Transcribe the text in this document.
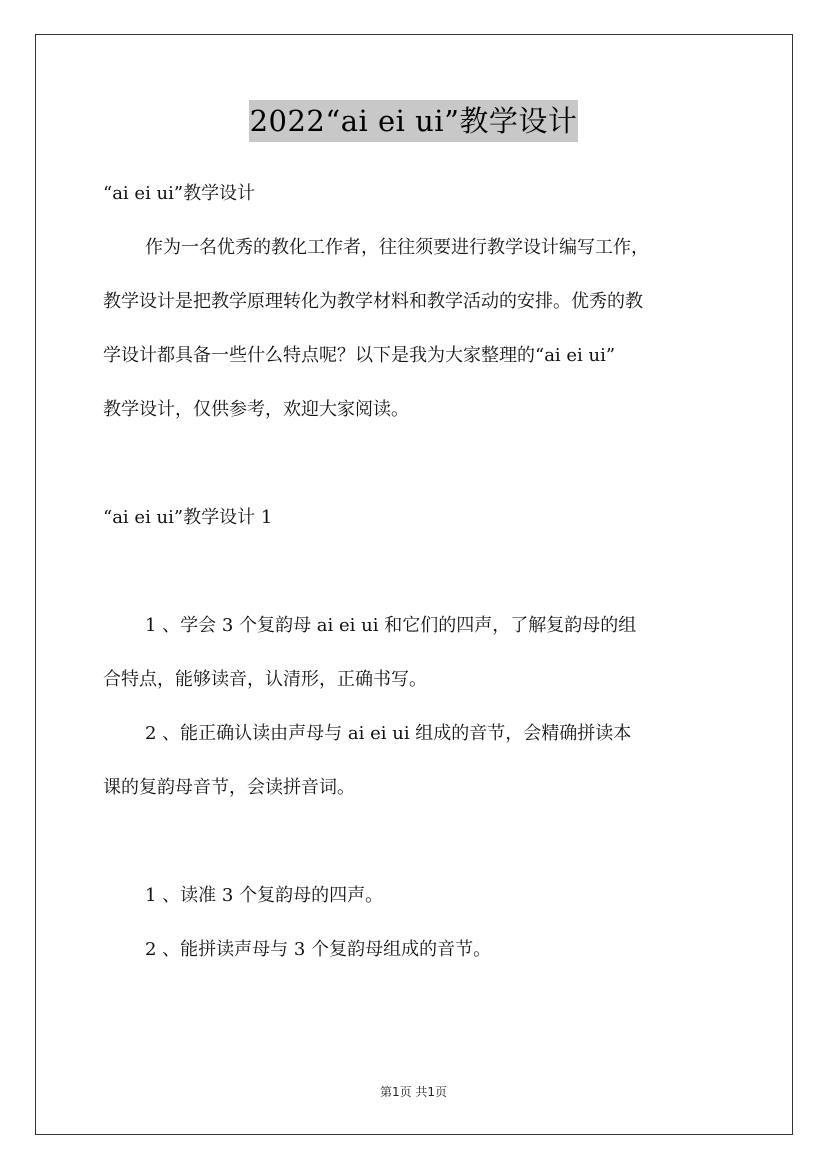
2022“ai ei ui”教学设计
“ai ei ui”教学设计
作为一名优秀的教化工作者，往往须要进行教学设计编写工作，
教学设计是把教学原理转化为教学材料和教学活动的安排。优秀的教
学设计都具备一些什么特点呢？以下是我为大家整理的“ai ei ui”
教学设计，仅供参考，欢迎大家阅读。
“ai ei ui”教学设计 1
1 、学会 3 个复韵母 ai ei ui 和它们的四声，了解复韵母的组
合特点，能够读音，认清形，正确书写。
2 、能正确认读由声母与 ai ei ui 组成的音节，会精确拼读本
课的复韵母音节，会读拼音词。
1 、读准 3 个复韵母的四声。
2 、能拼读声母与 3 个复韵母组成的音节。
第1页 共1页
